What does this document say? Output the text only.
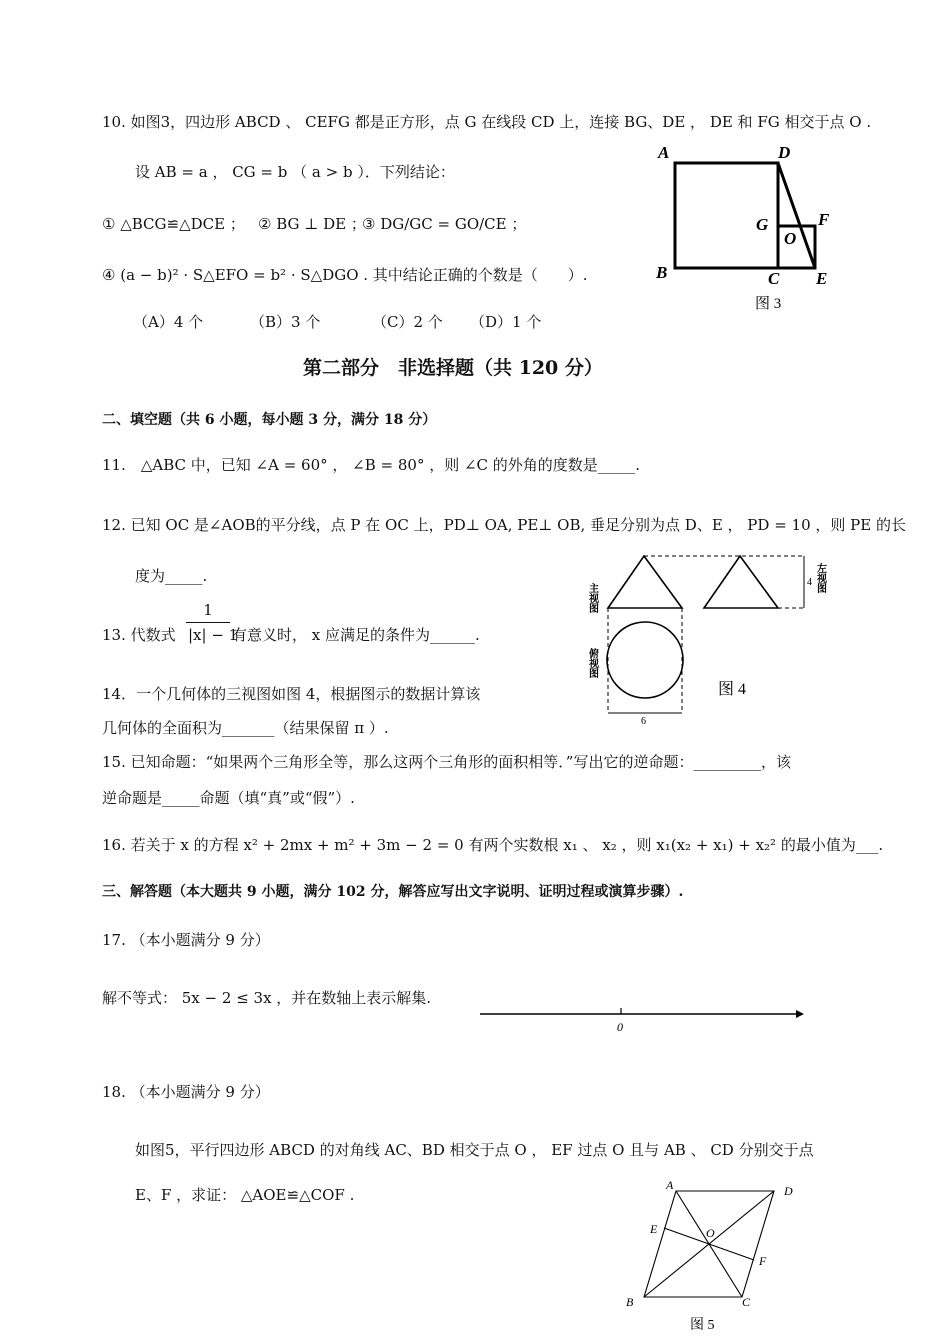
10. 如图3，四边形 ABCD 、 CEFG 都是正方形，点 G 在线段 CD 上，连接 BG、DE ， DE 和 FG 相交于点 O .
设 AB = a ， CG = b （ a > b ）．下列结论：
① △BCG≌△DCE ； ② BG ⊥ DE ；
③ DG/GC = GO/CE ；
④ (a − b)² · S△EFO = b² · S△DGO . 其中结论正确的个数是（　　）.
（A）4 个	（B）3 个	（C）2 个 （D）1 个
A	D
G	F
O
B	C E
图 3
第二部分　非选择题（共 120 分）
二、填空题（共 6 小题，每小题 3 分，满分 18 分）
11.　△ABC 中，已知 ∠A = 60° ， ∠B = 80° ，则 ∠C 的外角的度数是_____.
12. 已知 OC 是∠AOB的平分线，点 P 在 OC 上，PD⊥ OA, PE⊥ OB, 垂足分别为点 D、E ， PD = 10 ，则 PE 的长
度为_____.
13. 代数式
1
|x| − 1
有意义时， x 应满足的条件为______.
14．一个几何体的三视图如图 4，根据图示的数据计算该
几何体的全面积为_______（结果保留 π ）.
主视图
左视图
俯视图
4
6
图 4
15. 已知命题：“如果两个三角形全等，那么这两个三角形的面积相等．”写出它的逆命题：_________，该
逆命题是_____命题（填“真”或“假”）.
16. 若关于 x 的方程 x² + 2mx + m² + 3m − 2 = 0 有两个实数根 x₁ 、 x₂ ，则 x₁(x₂ + x₁) + x₂² 的最小值为___.
三、解答题（本大题共 9 小题，满分 102 分，解答应写出文字说明、证明过程或演算步骤）.
17. （本小题满分 9 分）
解不等式： 5x − 2 ≤ 3x ，并在数轴上表示解集.
0
18. （本小题满分 9 分）
如图5，平行四边形 ABCD 的对角线 AC、BD 相交于点 O ， EF 过点 O 且与 AB 、 CD 分别交于点
E、F ，求证： △AOE≌△COF .
A	D
E	O
F
B	C
图 5
